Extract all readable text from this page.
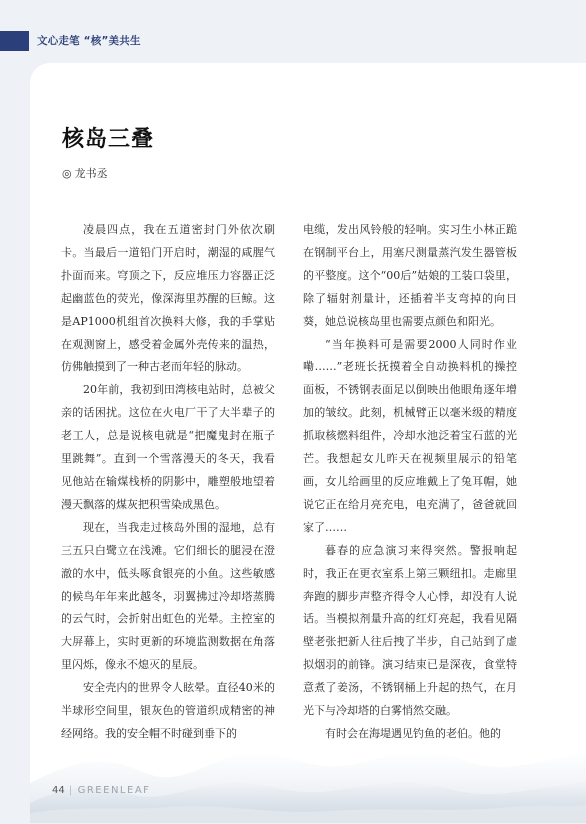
文心走笔 “核”美共生
核岛三叠
◎ 龙书丞

凌晨四点，我在五道密封门外依次刷卡。当最后一道铅门开启时，潮湿的咸腥气扑面而来。穹顶之下，反应堆压力容器正泛起幽蓝色的荧光，像深海里苏醒的巨鲸。这是AP1000机组首次换料大修，我的手掌贴在观测窗上，感受着金属外壳传来的温热，仿佛触摸到了一种古老而年轻的脉动。

20年前，我初到田湾核电站时，总被父亲的话困扰。这位在火电厂干了大半辈子的老工人，总是说核电就是“把魔鬼封在瓶子里跳舞”。直到一个雪落漫天的冬天，我看见他站在输煤栈桥的阴影中，雕塑般地望着漫天飘落的煤灰把积雪染成黑色。

现在，当我走过核岛外围的湿地，总有三五只白鹭立在浅滩。它们细长的腿浸在澄澈的水中，低头啄食银亮的小鱼。这些敏感的候鸟年年来此越冬，羽翼拂过冷却塔蒸腾的云气时，会折射出虹色的光晕。主控室的大屏幕上，实时更新的环境监测数据在角落里闪烁，像永不熄灭的星辰。

安全壳内的世界令人眩晕。直径40米的半球形空间里，银灰色的管道织成精密的神经网络。我的安全帽不时碰到垂下的

电缆，发出风铃般的轻响。实习生小林正跪在钢制平台上，用塞尺测量蒸汽发生器管板的平整度。这个“00后”姑娘的工装口袋里，除了辐射剂量计，还插着半支弯掉的向日葵，她总说核岛里也需要点颜色和阳光。

“当年换料可是需要2000人同时作业嘞……”老班长抚摸着全自动换料机的操控面板，不锈钢表面足以倒映出他眼角逐年增加的皱纹。此刻，机械臂正以毫米级的精度抓取核燃料组件，冷却水池泛着宝石蓝的光芒。我想起女儿昨天在视频里展示的铅笔画，女儿给画里的反应堆戴上了兔耳帽，她说它正在给月亮充电，电充满了，爸爸就回家了……

暮春的应急演习来得突然。警报响起时，我正在更衣室系上第三颗纽扣。走廊里奔跑的脚步声整齐得令人心悸，却没有人说话。当模拟剂量升高的红灯亮起，我看见隔壁老张把新人往后拽了半步，自己站到了虚拟烟羽的前锋。演习结束已是深夜，食堂特意煮了姜汤，不锈钢桶上升起的热气，在月光下与冷却塔的白雾悄然交融。

有时会在海堤遇见钓鱼的老伯。他的

44 | GREENLEAF
